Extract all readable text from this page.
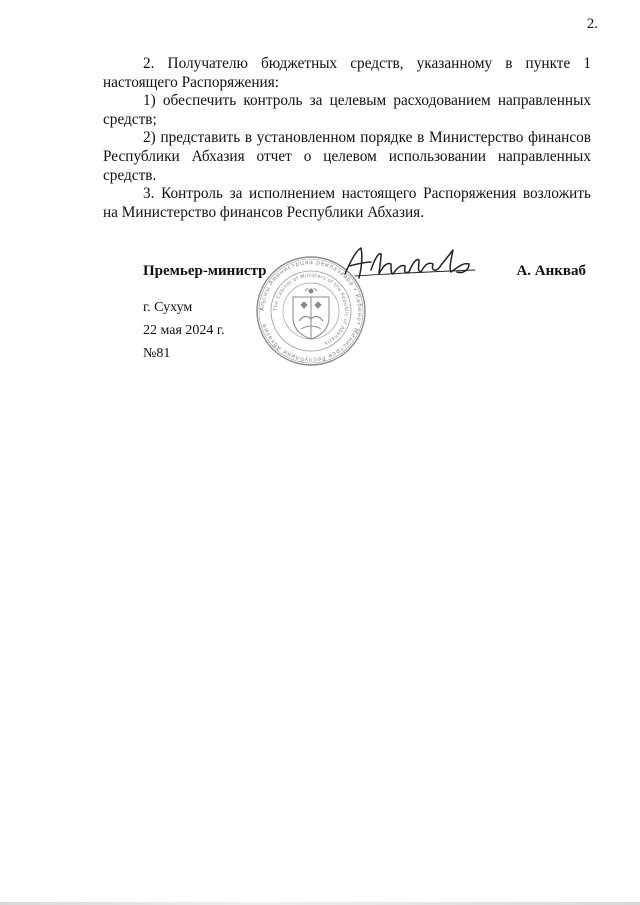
2.

2. Получателю бюджетных средств, указанному в пункте 1 настоящего Распоряжения:

1) обеспечить контроль за целевым расходованием направленных средств;

2) представить в установленном порядке в Министерство финансов Республики Абхазия отчет о целевом использовании направленных средств.

3. Контроль за исполнением настоящего Распоряжения возложить на Министерство финансов Республики Абхазия.

Аҧсны Аминистрцәа реилазаара • Кабинет Министров Республики Абхазия
The Cabinet of Ministers of the Republic of Abkhazia
Премьер-министр	А. Анкваб
г. Сухум
22 мая 2024 г.
№81
